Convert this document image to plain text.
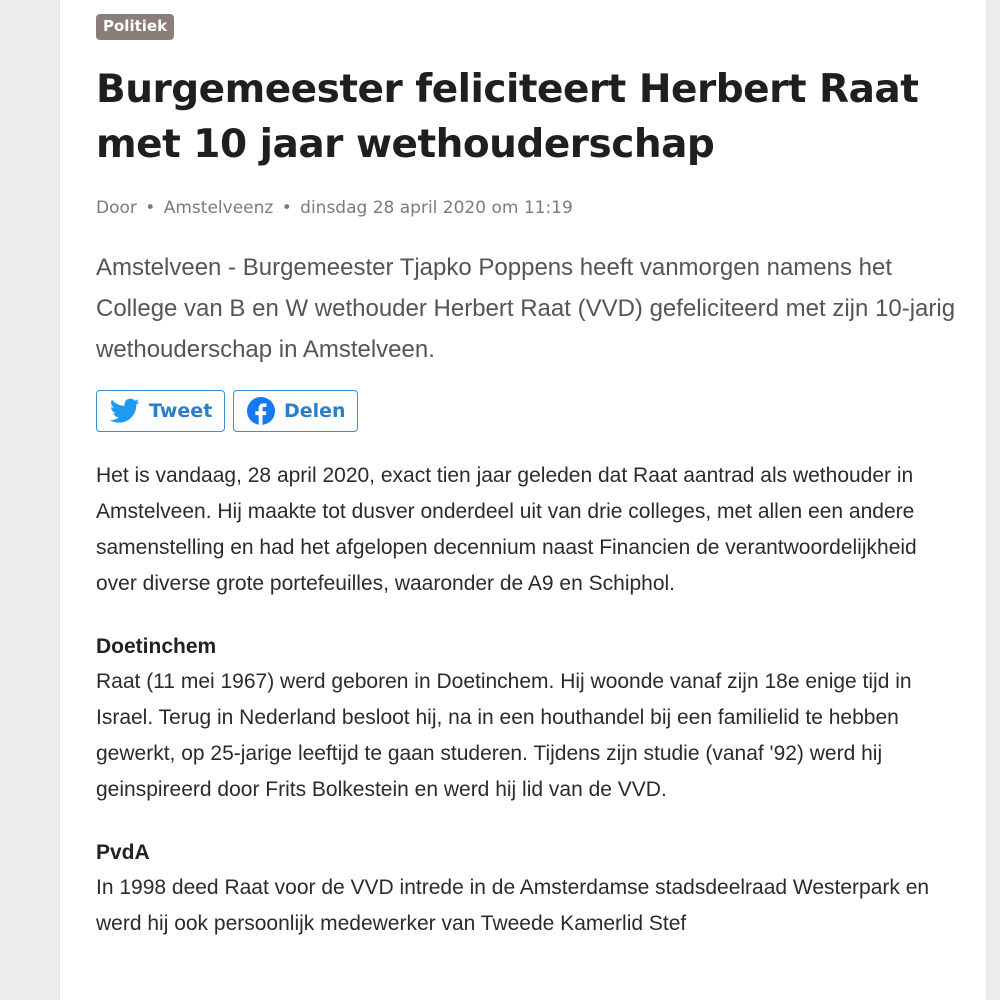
Politiek
Burgemeester feliciteert Herbert Raat
met 10 jaar wethouderschap
Door • Amstelveenz • dinsdag 28 april 2020 om 11:19
Amstelveen - Burgemeester Tjapko Poppens heeft vanmorgen namens het College van B en W wethouder Herbert Raat (VVD) gefeliciteerd met zijn 10-jarig wethouderschap in Amstelveen.
Tweet	Delen

Het is vandaag, 28 april 2020, exact tien jaar geleden dat Raat aantrad als wethouder in Amstelveen. Hij maakte tot dusver onderdeel uit van drie colleges, met allen een andere samenstelling en had het afgelopen decennium naast Financien de verantwoordelijkheid over diverse grote portefeuilles, waaronder de A9 en Schiphol.

Doetinchem

Raat (11 mei 1967) werd geboren in Doetinchem. Hij woonde vanaf zijn 18e enige tijd in Israel. Terug in Nederland besloot hij, na in een houthandel bij een familielid te hebben gewerkt, op 25-jarige leeftijd te gaan studeren. Tijdens zijn studie (vanaf '92) werd hij geinspireerd door Frits Bolkestein en werd hij lid van de VVD.

PvdA

In 1998 deed Raat voor de VVD intrede in de Amsterdamse stadsdeelraad Westerpark en werd hij ook persoonlijk medewerker van Tweede Kamerlid Stef
